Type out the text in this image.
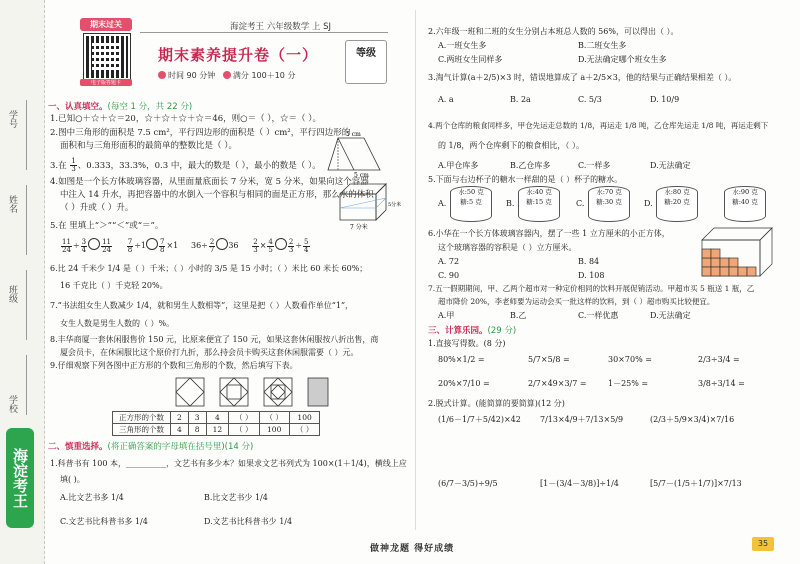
学号
姓名
班级
学校
海淀考王
期末过关
电子版答题卡
海淀考王 六年级数学 上 SJ
期末素养提升卷（一）
时间 90 分钟 满分 100＋10 分
等级
一、认真填空。(每空 1 分，共 22 分)
1.已知○＋☆＋☆＝20，☆＋☆＋☆＋☆＝46，则○＝（ ），☆＝（ ）。
2.图中三角形的面积是 7.5 cm²，平行四边形的面积是（ ）cm²，平行四边形的
面积和与三角形面积的最简单的整数比是（ ）。
5 cm
5 cm
3.在 $\frac{1}{3}$ 、0.333，33.3%，0.3 中，最大的数是（ ），最小的数是（ ）。
4.如图是一个长方体玻璃容器，从里面量底面长 7 分米，宽 5 分米，如果向这个容器
中注入 14 升水，再把容器中的水倒入一个容积与相同的面是正方形，那么水的体积
（ ）升或（ ）升。
7 分米
5分米
5.在 里填上“＞”“＜”或“＝”。
$\frac{11}{24} \div \frac{3}{4} \frac{11}{24}$
$\frac{7}{8} \div 1 \frac{7}{8} \times 1$     $36\div \frac{2}{7} 36 \frac{2}{3} \times \frac{4}{5} \frac{2}{3} \div \frac{5}{4}$
6.比 24 千米少 1/4 是（ ）千米；（ ）小时的 3/5 是 15 小时；（ ）米比 60 米长 60%；
16 千克比（ ）千克轻 20%。
7.“书法组女生人数减少 1/4，就和男生人数相等”，这里是把（ ）人数看作单位“1”，
女生人数是男生人数的（ ）%。
8.丰华商厦一套休闲服售价 150 元，比原来便宜了 150 元，如果这套休闲服按八折出售，商
厦会员卡，在休闲服比这个原价打九折，那么持会员卡购买这套休闲服需要（ ）元。
9.仔细观察下列各图中正方形的个数和三角形的个数，然后填写下表。
正方形的个数	2	3	4	（ ）	（ ）	100
三角形的个数	4	8	12	（ ）	100	（ ）
二、慎重选择。(将正确答案的字母填在括号里)(14 分)
1.科普书有 100 本，__________，文艺书有多少本？如果求文艺书列式为 100×(1＋1/4)，横线上应
填( )。
A.比文艺书多 1/4	B.比文艺书少 1/4
C.文艺书比科普书多 1/4	D.文艺书比科普书少 1/4
2.六年级一班和二班的女生分别占本班总人数的 56%，可以得出（ ）。
A.一班女生多	B.二班女生多
C.两班女生同样多	D.无法确定哪个班女生多
3.淘气计算(a＋2/5)×3 时，错误地算成了 a＋2/5×3，他的结果与正确结果相差（ ）。
A. a	B. 2a	C. 5/3	D. 10/9
4.两个仓库的粮食同样多，甲仓先运走总数的 1/8，再运走 1/8 吨，乙仓库先运走 1/8 吨，再运走剩下
的 1/8，两个仓库剩下的粮食相比，（ ）。
A.甲仓库多	B.乙仓库多	C.一样多	D.无法确定
5.下面与右边杯子的糖水一样甜的是（ ）杯子的糖水。
A.
水:50 克
糖:5 克	B.
水:40 克
糖:15 克	C.
水:70 克
糖:30 克	D.
水:80 克
糖:20 克
水:90 克
糖:40 克
6.小华在一个长方体玻璃容器内，摆了一些 1 立方厘米的小正方体，
这个玻璃容器的容积是（ ）立方厘米。
A. 72	B. 84
C. 90	D. 108
7.五一假期期间，甲、乙两个超市对一种定价相同的饮料开展促销活动。甲超市买 5 瓶送 1 瓶，乙
超市降价 20%，李老师要为运动会买一批这样的饮料，到（ ）超市购买比较便宜。
A.甲	B.乙	C.一样优惠	D.无法确定
三、计算乐园。(29 分)
1.直接写得数。(8 分)
80%×1/2 =	5/7×5/8 =	30×70% =	2/3÷3/4 =
20%×7/10 =	2/7×49×3/7 =	1－25% =	3/8÷3/14 =
2.脱式计算。(能简算的要简算)(12 分)
(1/6－1/7＋5/42)×42 7/13×4/9＋7/13×5/9	(2/3＋5/9×3/4)×7/16
(6/7－3/5)÷9/5	[1－(3/4－3/8)]÷1/4	[5/7－(1/5＋1/7)]×7/13
做神龙题 得好成绩
35
